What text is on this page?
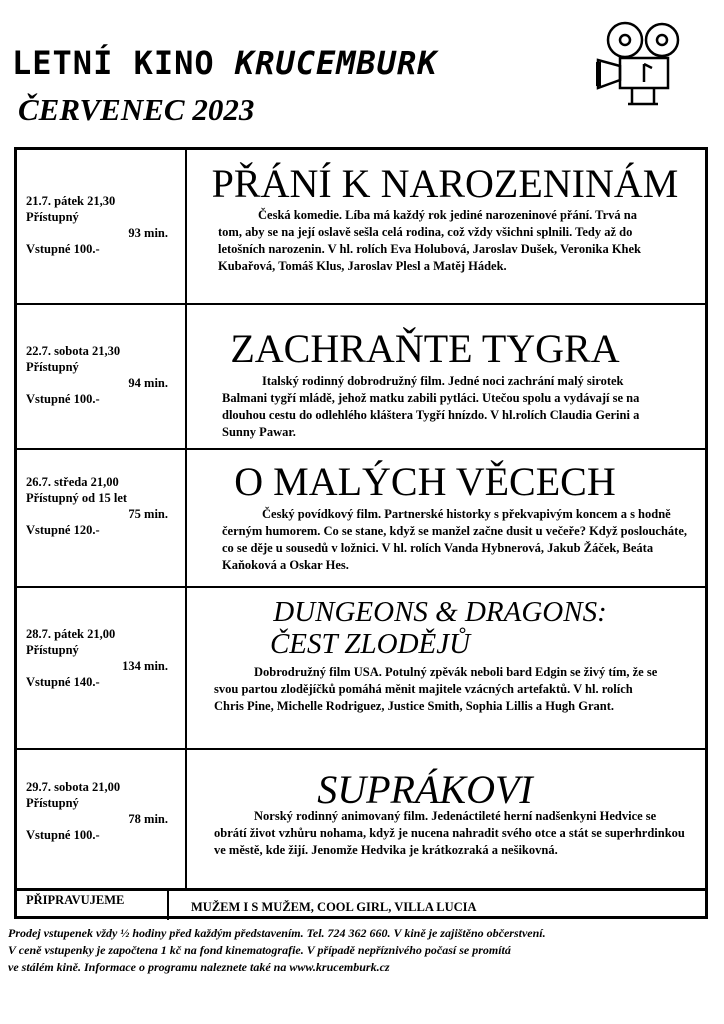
LETNÍ KINO KRUCEMBURK
ČERVENEC 2023
21.7. pátek 21,30
Přístupný
93 min.
Vstupné 100.-
PŘÁNÍ K NAROZENINÁM
Česká komedie. Líba má každý rok jediné narozeninové přání. Trvá na tom, aby se na její oslavě sešla celá rodina, což vždy všichni splnili. Tedy až do letošních narozenin. V hl. rolích Eva Holubová, Jaroslav Dušek, Veronika Khek Kubařová, Tomáš Klus, Jaroslav Plesl a Matěj Hádek.
22.7. sobota 21,30
Přístupný
94 min.
Vstupné 100.-
ZACHRAŇTE TYGRA
Italský rodinný dobrodružný film. Jedné noci zachrání malý sirotek Balmani tygří mládě, jehož matku zabili pytláci. Utečou spolu a vydávají se na dlouhou cestu do odlehlého kláštera Tygří hnízdo. V hl.rolích Claudia Gerini a Sunny Pawar.
26.7. středa 21,00
Přístupný od 15 let
75 min.
Vstupné 120.-
O MALÝCH VĚCECH
Český povídkový film. Partnerské historky s překvapivým koncem a s hodně černým humorem. Co se stane, když se manžel začne dusit u večeře? Když posloucháte, co se děje u sousedů v ložnici. V hl. rolích Vanda Hybnerová, Jakub Žáček, Beáta Kaňoková a Oskar Hes.
28.7. pátek 21,00
Přístupný
134 min.
Vstupné 140.-
DUNGEONS & DRAGONS:
ČEST ZLODĚJŮ
Dobrodružný film USA. Potulný zpěvák neboli bard Edgin se živý tím, že se svou partou zlodějíčků pomáhá měnit majitele vzácných artefaktů. V hl. rolích Chris Pine, Michelle Rodriguez, Justice Smith, Sophia Lillis a Hugh Grant.
29.7. sobota 21,00
Přístupný
78 min.
Vstupné 100.-
SUPRÁKOVI
Norský rodinný animovaný film. Jedenáctileté herní nadšenkyni Hedvice se obrátí život vzhůru nohama, když je nucena nahradit svého otce a stát se superhrdinkou ve městě, kde žijí. Jenomže Hedvika je krátkozraká a nešikovná.
PŘIPRAVUJEME	MUŽEM I S MUŽEM, COOL GIRL, VILLA LUCIA
Prodej vstupenek vždy ½ hodiny před každým představením. Tel. 724 362 660. V kině je zajištěno občerstvení.
V ceně vstupenky je započtena 1 kč na fond kinematografie. V případě nepříznivého počasí se promítá
ve stálém kině. Informace o programu naleznete také na www.krucemburk.cz
